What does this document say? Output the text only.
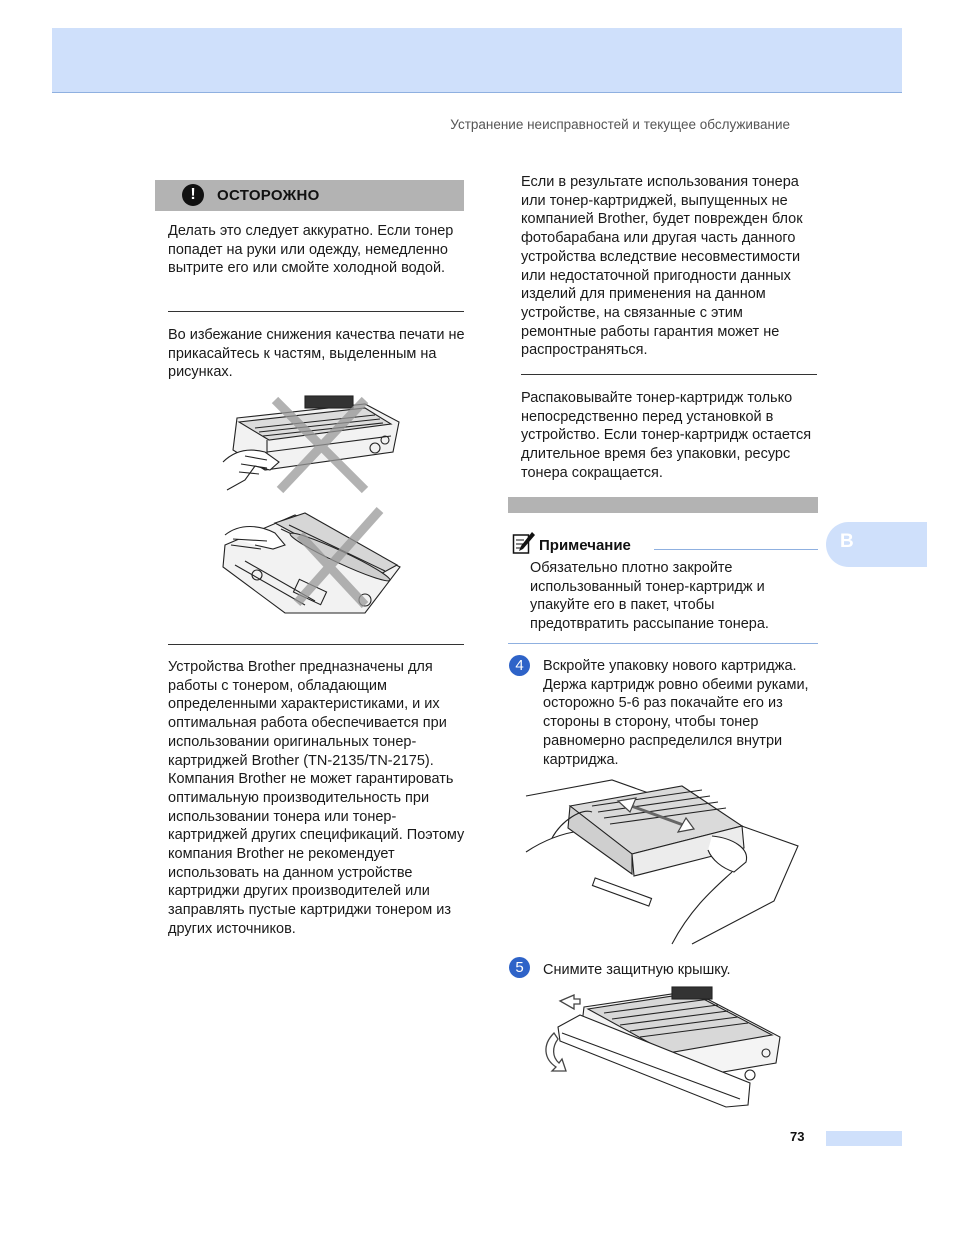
Устранение неисправностей и текущее обслуживание
!	ОСТОРОЖНО
Делать это следует аккуратно. Если тонер попадет на руки или одежду, немедленно вытрите его или смойте холодной водой.
Во избежание снижения качества печати не прикасайтесь к частям, выделенным на рисунках.
Устройства Brother предназначены для работы с тонером, обладающим определенными характеристиками, и их оптимальная работа обеспечивается при использовании оригинальных тонер-картриджей Brother (TN-2135/TN-2175). Компания Brother не может гарантировать оптимальную производительность при использовании тонера или тонер-картриджей других спецификаций. Поэтому компания Brother не рекомендует использовать на данном устройстве картриджи других производителей или заправлять пустые картриджи тонером из других источников.
Если в результате использования тонера или тонер-картриджей, выпущенных не компанией Brother, будет поврежден блок фотобарабана или другая часть данного устройства вследствие несовместимости или недостаточной пригодности данных изделий для применения на данном устройстве, на связанные с этим ремонтные работы гарантия может не распространяться.
Распаковывайте тонер-картридж только непосредственно перед установкой в устройство. Если тонер-картридж остается длительное время без упаковки, ресурс тонера сокращается.
Примечание
Обязательно плотно закройте использованный тонер-картридж и упакуйте его в пакет, чтобы предотвратить рассыпание тонера.
4	Вскройте упаковку нового картриджа. Держа картридж ровно обеими руками, осторожно 5-6 раз покачайте его из стороны в сторону, чтобы тонер равномерно распределился внутри картриджа.
5	Снимите защитную крышку.
B
73
